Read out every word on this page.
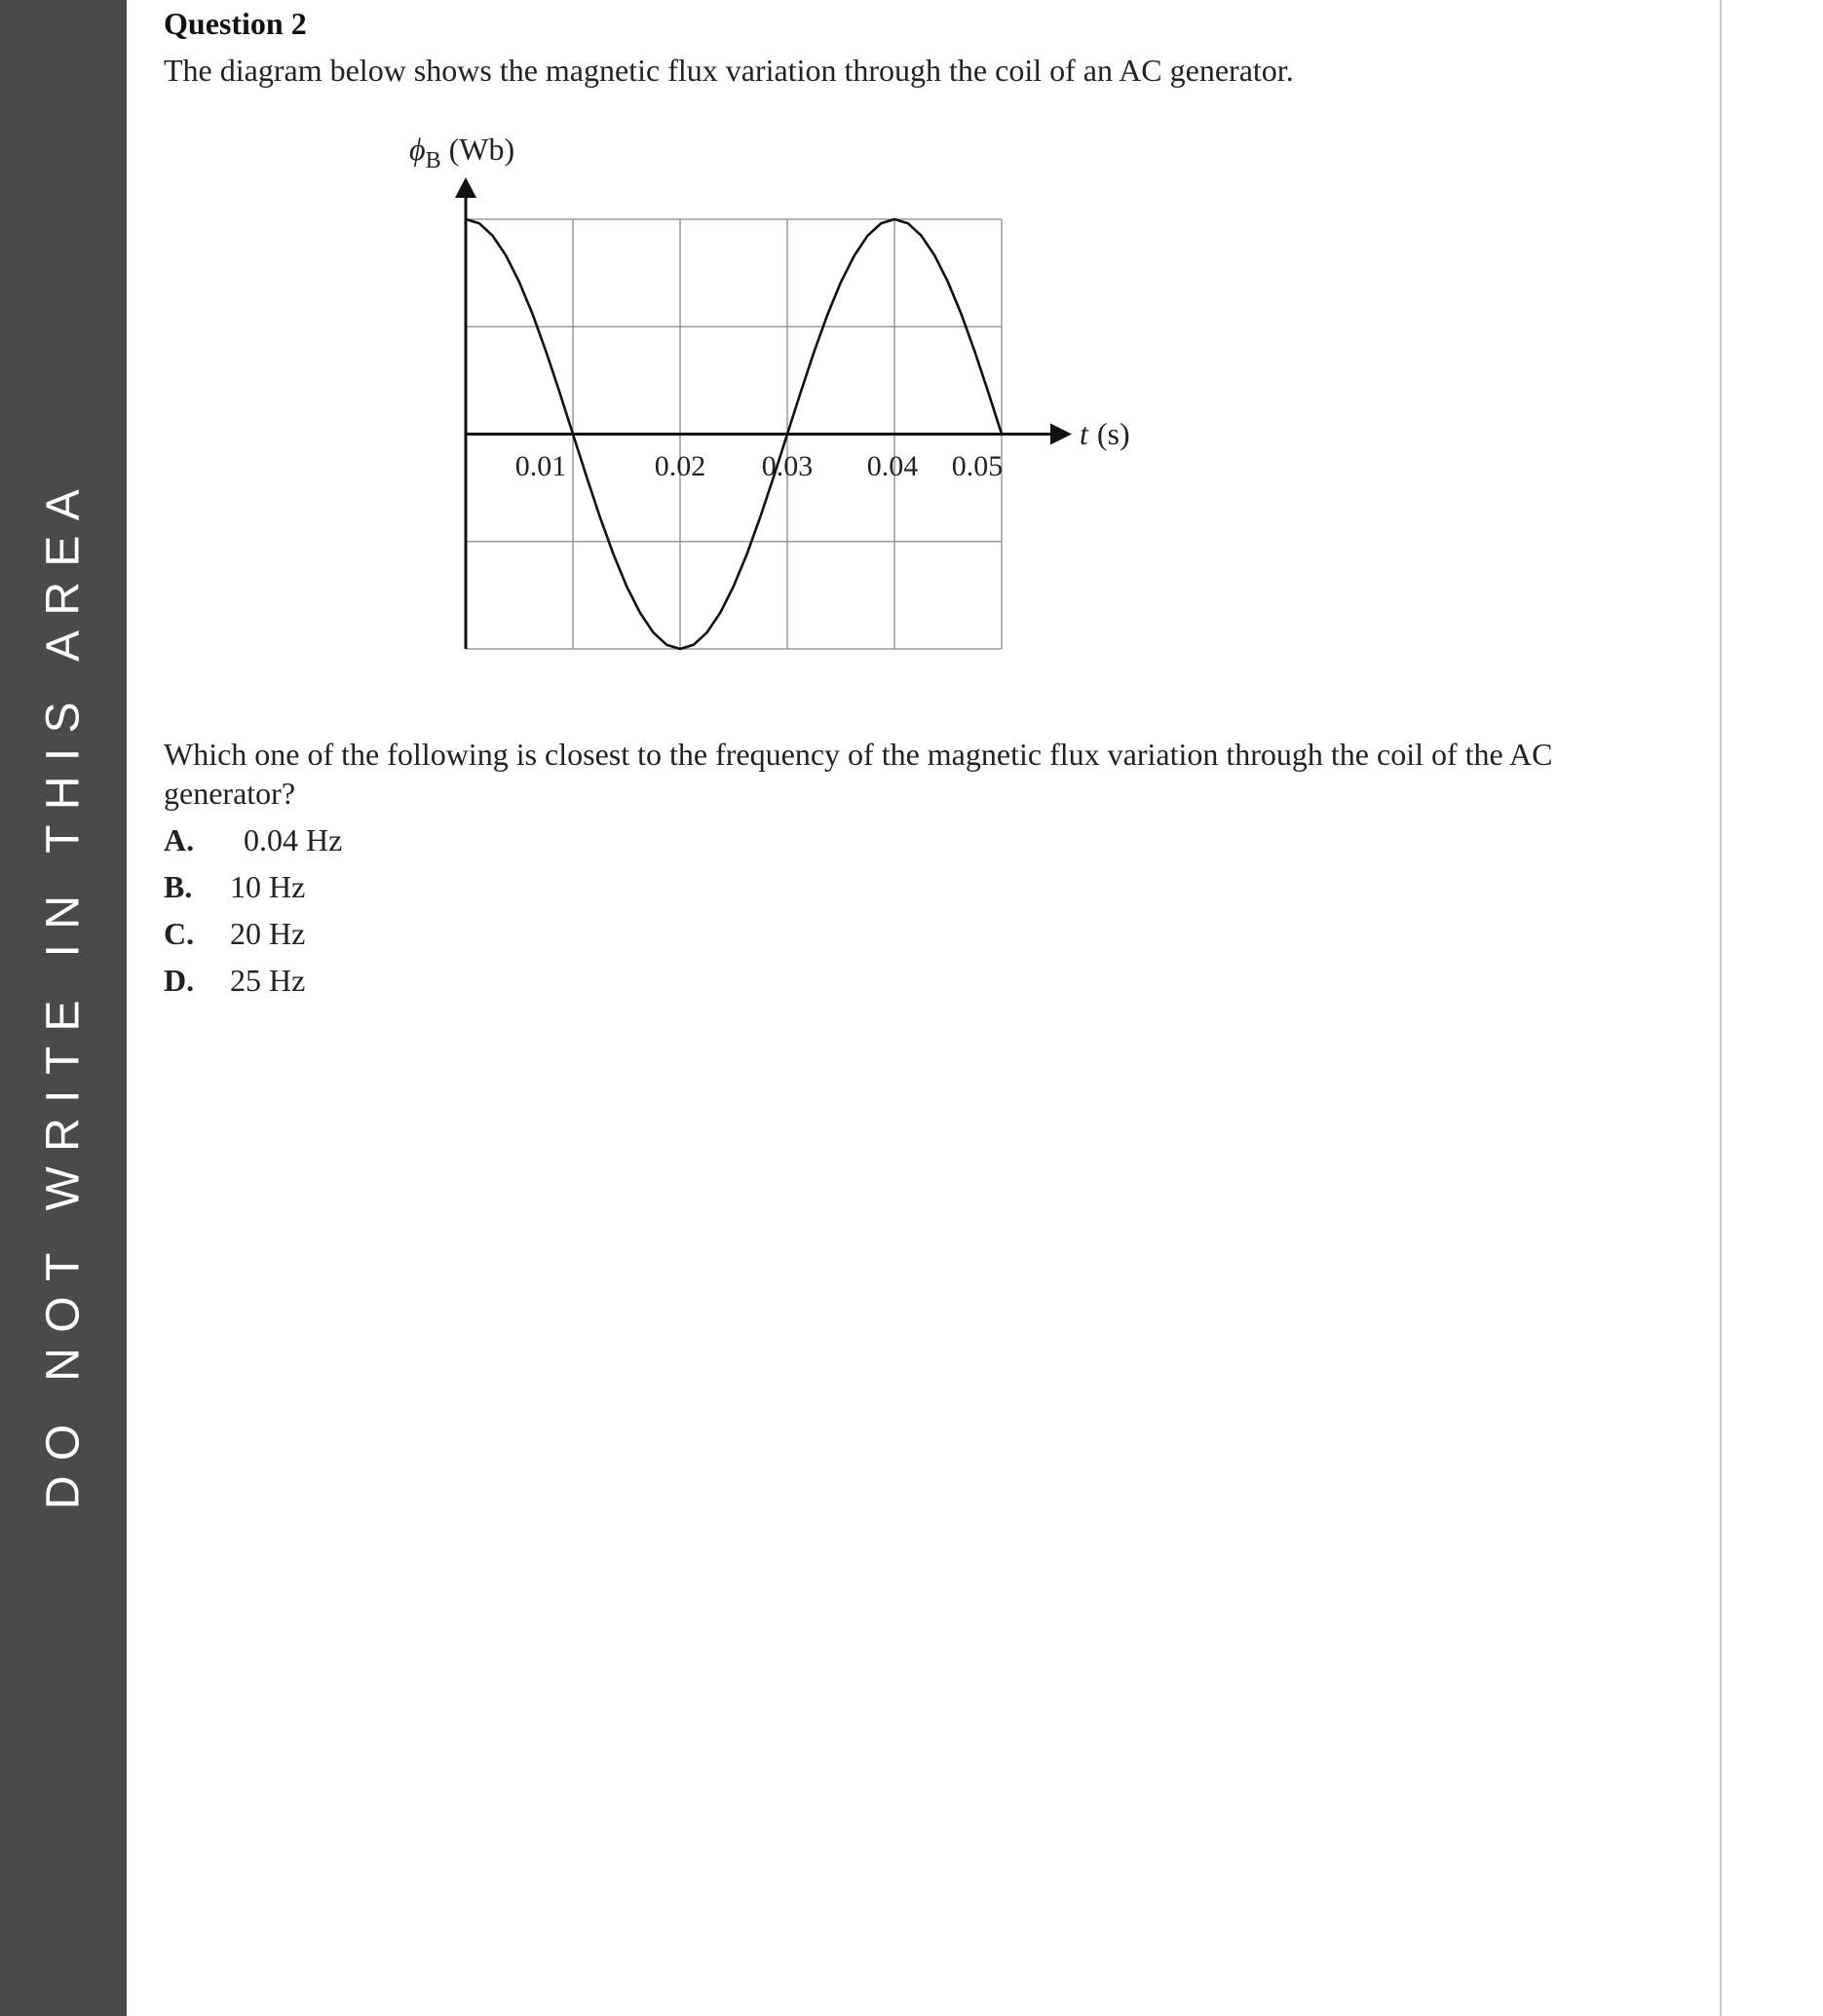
DO NOT WRITE IN THIS AREA
Question 2
The diagram below shows the magnetic flux variation through the coil of an AC generator.
$\phi_B$ (Wb)
t (s)
0.01	0.02 0.03 0.04 0.05
Which one of the following is closest to the frequency of the magnetic flux variation through the coil of the AC generator?
A. 0.04 Hz
B. 10 Hz
C. 20 Hz
D. 25 Hz
